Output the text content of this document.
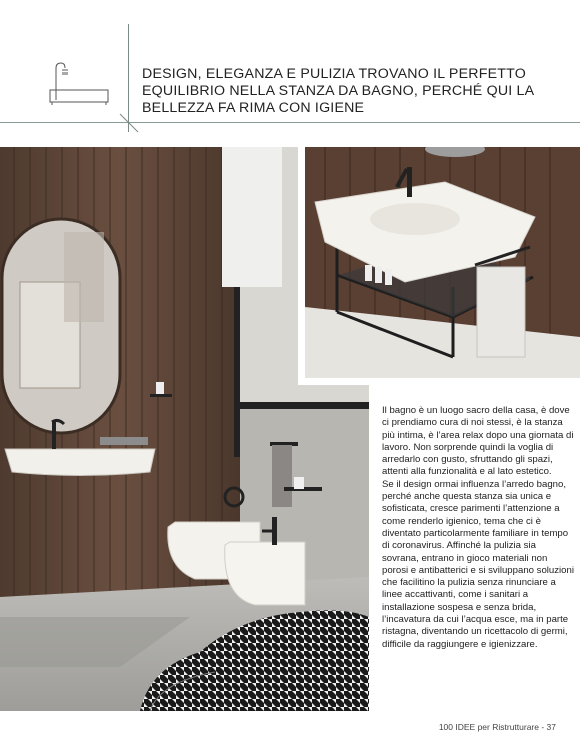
DESIGN, ELEGANZA E PULIZIA TROVANO IL PERFETTO EQUILIBRIO NELLA STANZA DA BAGNO, PERCHÉ QUI LA BELLEZZA FA RIMA CON IGIENE

Il bagno è un luogo sacro della casa, è dove ci prendiamo cura di noi stessi, è la stanza più intima, è l’area relax dopo una giornata di lavoro. Non sorprende quindi la voglia di arredarlo con gusto, sfruttando gli spazi, attenti alla funzionalità e al lato estetico.

Se il design ormai influenza l’arredo bagno, perché anche questa stanza sia unica e sofisticata, cresce parimenti l’attenzione a come renderlo igienico, tema che ci è diventato particolarmente familiare in tempo di coronavirus. Affinché la pulizia sia sovrana, entrano in gioco materiali non porosi e antibatterici e si sviluppano soluzioni che facilitino la pulizia senza rinunciare a linee accattivanti, come i sanitari a installazione sospesa e senza brida, l’incavatura da cui l’acqua esce, ma in parte ristagna, diventando un ricettacolo di germi, difficile da raggiungere e igienizzare.

100 IDEE per Ristrutturare - 37
